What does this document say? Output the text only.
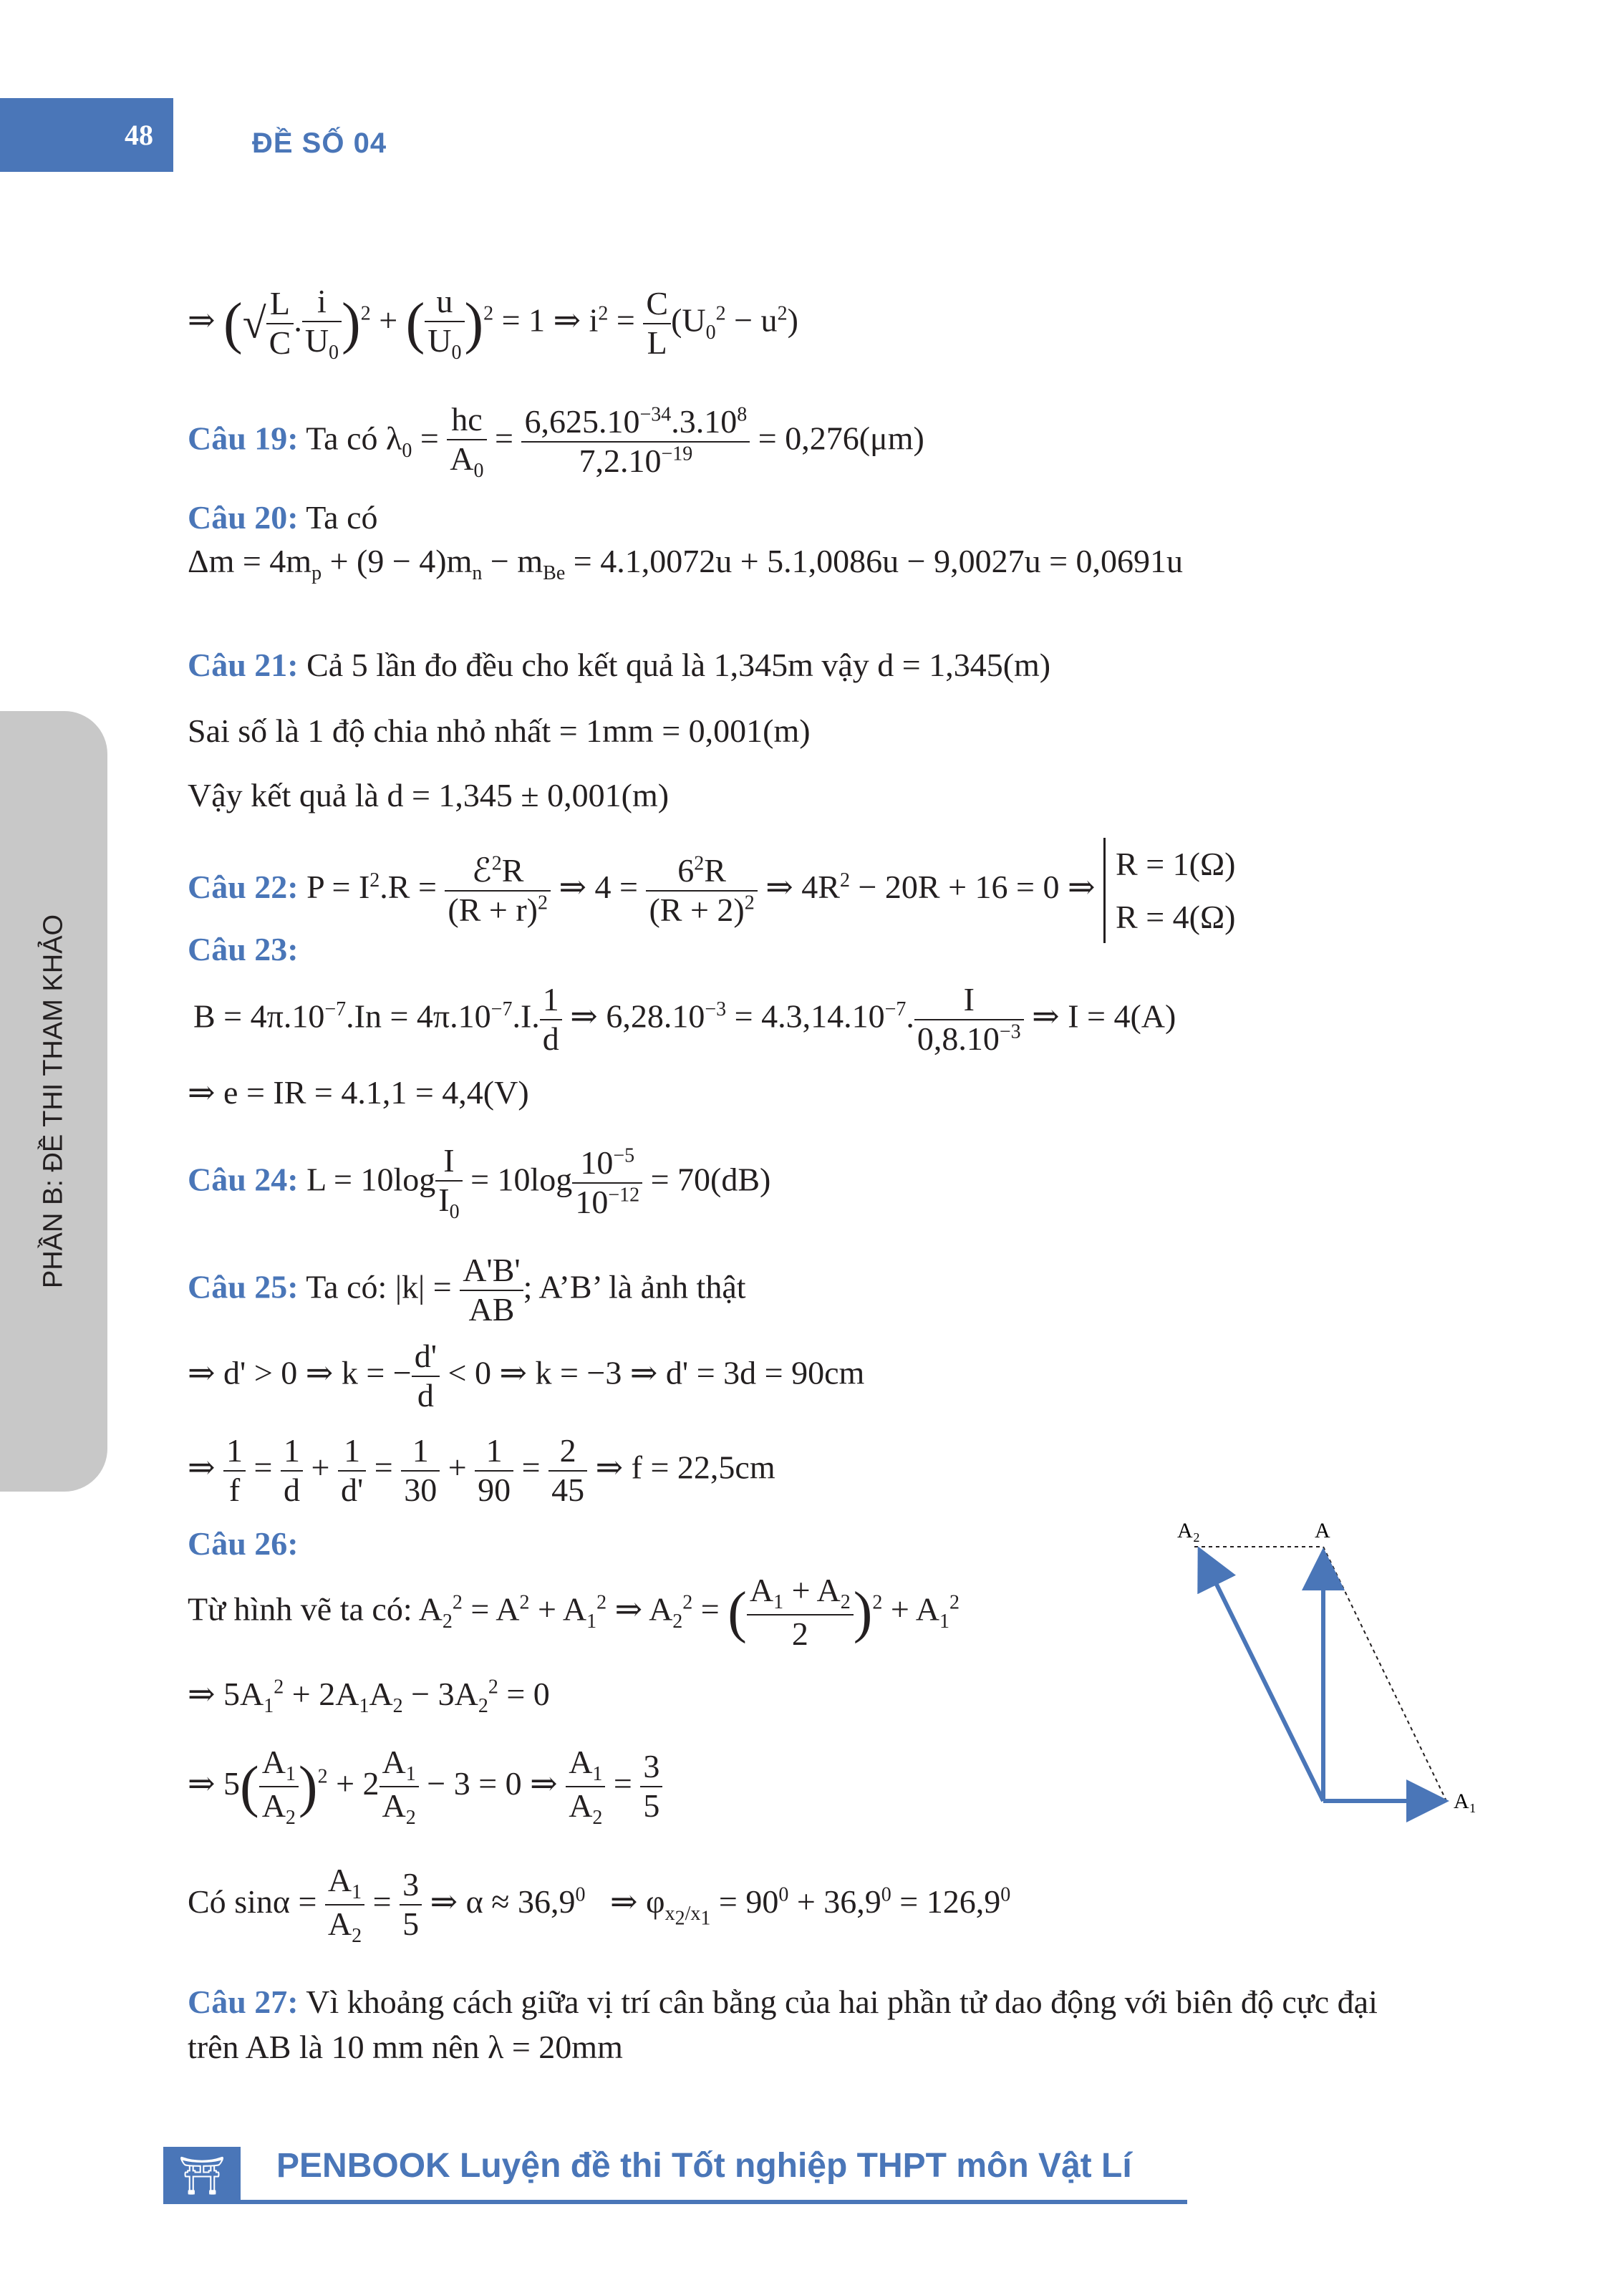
48	ĐỀ SỐ 04
PHẦN B: ĐỀ THI THAM KHẢO
⇒ (√ $\frac{L}{C}$ . $\frac{i}{U_0} )^2$ + ( $\frac{u}{U_0} )^2 = 1$ ⇒ $i^2 = \frac{C}{L} (U_0^2 - u^2)$
Câu 19: Ta có $\lambda_0 = \frac{hc}{A_0} = \frac{6,625.10^{-34}.3.10^8}{7,2.10^{-19}} = 0,276(\mu m)$
Câu 20: Ta có
$\Delta m = 4m_p + (9 - 4)m_n - m_{Be} = 4.1,0072u + 5.1,0086u - 9,0027u = 0,0691u$
Câu 21: Cả 5 lần đo đều cho kết quả là 1,345m vậy d = 1,345(m)
Sai số là 1 độ chia nhỏ nhất = 1mm = 0,001(m)
Vậy kết quả là d = 1,345 ± 0,001(m)
Câu 22: $P = I^2.R = \frac{ℰ^2R}{(R + r)^2}$ ⇒ $4 = \frac{6^2R}{(R + 2)^2}$ ⇒ $4R^2 - 20R + 16 = 0$ ⇒ R = 1(Ω)
R = 4(Ω)
Câu 23:
$B = 4\pi.10^{-7}.In = 4\pi.10^{-7}.I$. $\frac{1}{d}$ ⇒ $6,28.10^{-3} = 4.3,14.10^{-7}$. $\frac{I}{0,8.10^{-3}}$ ⇒ I = 4(A)
⇒ e = IR = 4.1,1 = 4,4(V)
Câu 24: $L = 10\log \frac{I}{I_0} = 10\log \frac{10^{-5}}{10^{-12}} = 70(dB)$
Câu 25: Ta có: $|k| = \frac{A'B'}{AB}$ ; A’B’ là ảnh thật
⇒ d' > 0 ⇒ k = − $\frac{d'}{d} < 0$ ⇒ k = −3 ⇒ d' = 3d = 90cm
⇒ $\frac{1}{f} = \frac{1}{d} + \frac{1}{d'} = \frac{1}{30} + \frac{1}{90} = \frac{2}{45}$ ⇒ f = 22,5cm
Câu 26:
Từ hình vẽ ta có: $A_2^2 = A^2 + A_1^2$ ⇒ $A_2^2$ = ( $\frac{A_1 + A_2}{2} )^2 + A_1^2$
⇒ $5A_1^2 + 2A_1A_2 - 3A_2^2 = 0$
⇒ $5( \frac{A_1}{A_2} )^2 + 2 \frac{A_1}{A_2} - 3 = 0$ ⇒ $\frac{A_1}{A_2} = \frac{3}{5}$
Có $\sin\alpha = \frac{A_1}{A_2} = \frac{3}{5}$ ⇒ $\alpha \approx 36,9^0$   ⇒ $\varphi_{x_2/x_1} = 90^0 + 36,9^0 = 126,9^0$
Câu 27: Vì khoảng cách giữa vị trí cân bằng của hai phần tử dao động với biên độ cực đại
trên AB là 10 mm nên λ = 20mm
A₂	A
A₁
⛩	PENBOOK Luyện đề thi Tốt nghiệp THPT môn Vật Lí
